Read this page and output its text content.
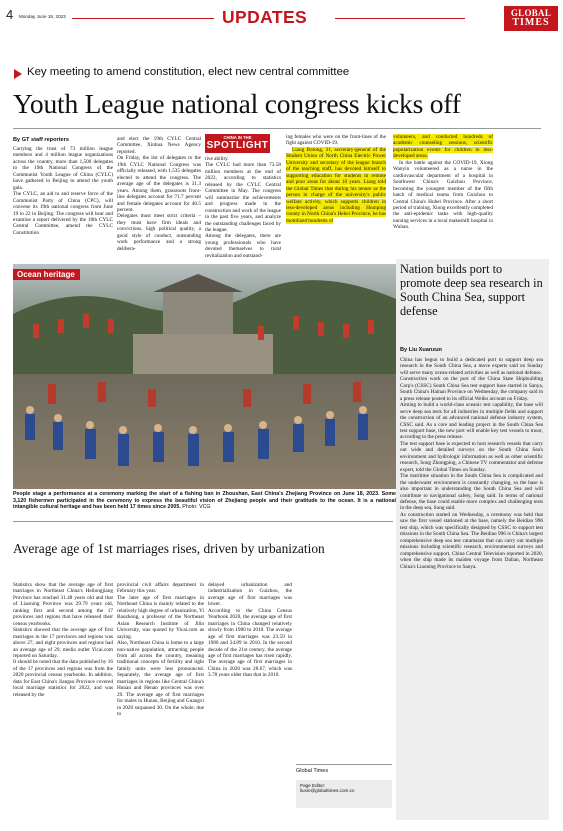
4 Monday June 19, 2023	UPDATES	GLOBAL
TIMES
Key meeting to amend constitution, elect new central committee
Youth League national congress kicks off
By GT staff reporters
Carrying the trust of 73 million league members and 4 million league organizations across the country, more than 1,500 delegates to the 19th National Congress of the Communist Youth League of China (CYLC) have gathered in Beijing to attend the youth gala.
The CYLC, an aid to and reserve force of the Communist Party of China (CPC), will convene its 19th national congress from June 19 to 22 in Beijing. The congress will hear and examine a report delivered by the 18th CYLC Central Committee, amend the CYLC Constitution
and elect the 19th CYLC Central Committee, Xinhua News Agency reported.
On Friday, the list of delegates to the 19th CYLC National Congress was officially released, with 1,535 delegates elected to attend the congress. The average age of the delegates is 31.3 years. Among them, grassroots front-line delegates account for 71.7 percent and female delegates account for 40.5 percent.
Delegates must meet strict criteria – they must have firm ideals and convictions, high political quality, a good style of conduct, outstanding work performance and a strong delibera-
CHINA IN THE
SPOTLIGHT
tive ability.
The CYLC had more than 73.58 million members at the end of 2022, according to statistics released by the CYLC Central Committee in May. The congress will summarize the achievements and progress made in the construction and work of the league in the past five years, and analyze the outstanding challenges faced by the league.
Among the delegates, there are young professionals who have devoted themselves to rural revitalization and outstand-
ing females who were on the front-lines of the fight against COVID-19.
Liang Botong, 31, secretary-general of the Student Union of North China Electric Power University and secretary of the league branch of the teaching staff, has devoted himself to supporting education for students in remote and poor areas for about 10 years. Liang told the Global Times that during his tenure as the person in charge of the university's public welfare activity, which supports children in less-developed areas including Shunping county in North China's Hebei Province, he has mobilized hundreds of
volunteers, and conducted hundreds of academic counseling sessions, scientific popularization events for children in less-developed areas.
In the battle against the COVID-19, Xiong Wanyin volunteered as a nurse in the cardiovascular department of a hospital in Southwest China's Guizhou Province, becoming the youngest member of the fifth batch of medical teams from Guizhou to Central China's Hubei Province. After a short period of training, Xiong excellently completed the anti-epidemic tasks with high-quality nursing services in a local makeshift hospital in Wuhan.
Ocean heritage
People stage a performance at a ceremony marking the start of a fishing ban in Zhoushan, East China's Zhejiang Province on June 18, 2023. Some 3,120 fishermen participated in the ceremony to express the beautiful vision of Zhejiang people and their gratitude to the ocean. It is a national intangible cultural heritage and has been held 17 times since 2005. Photo: VCG
Nation builds port to promote deep sea research in South China Sea, support defense
By Liu Xuanzun
China has begun to build a dedicated port to support deep sea research in the South China Sea, a move experts said on Sunday will serve many ocean-related activities as well as national defense.
Construction work on the port of the China State Shipbuilding Corp's (CSSC) South China Sea test support base started in Sanya, South China's Hainan Province on Wednesday, the company said in a press release posted to its official Weibo account on Friday.
Aiming to build a world-class oceanic test capability, the base will serve deep sea tests for all industries in multiple fields and support the construction of an advanced national defense industry system, CSSC said. As a core and leading project in the South China Sea test support base, the new port will enable key test vessels to moor, according to the press release.
The test support base is expected to host research vessels that carry out wide and detailed surveys on the South China Sea's environment and hydrologic information as well as other scientific research, Song Zhongping, a Chinese TV commentator and defense expert, told the Global Times on Sunday.
The maritime situation in the South China Sea is complicated and the underwater environment is constantly changing, so the base is also important in understanding the South China Sea and will contribute to navigational safety, Song said. In terms of national defense, the base could enable more complex and challenging tests in the deep sea, Song said.
As construction started on Wednesday, a ceremony was held that saw the first vessel stationed at the base, namely the Beidiao 996 test ship, which was specifically designed by CSSC to support test missions in the South China Sea. The Beidiao 996 is China's largest comprehensive deep sea test catamaran that can carry out multiple missions including scientific research, environmental surveys and comprehensive support, China Central Television reported in 2020, when the ship made its maiden voyage from Dalian, Northeast China's Liaoning Province to Sanya.
Average age of 1st marriages rises, driven by urbanization
Statistics show that the average age of first marriages in Northeast China's Heilongjiang Province has reached 31.48 years old and that of Liaoning Province was 29.79 years old, ranking first and second among the 17 provinces and regions that have released their census yearbooks.
Statistics showed that the average age of first marriages in the 17 provinces and regions was above 27, and eight provinces and regions had an average age of 29, media outlet Yicai.com reported on Saturday.
It should be noted that the data published by 16 of the 17 provinces and regions was from the 2020 provincial census yearbooks. In addition, data for East China's Jiangsu Province covered local marriage statistics for 2022, and was released by the
provincial civil affairs department in February this year.
The later age of first marriages in Northeast China is mainly related to the relatively high degree of urbanization, Yi Baozhong, a professor of the Northeast Asian Research Institute of Jilin University, was quoted by Yicai.com as saying.
Also, Northeast China is home to a large non-native population, attracting people from all across the country, meaning traditional concepts of fertility and tight family units were less pronounced. Separately, the average age of first marriages in regions like Central China's Hunan and Henan provinces was over 29. The average age of first marriages for males in Hunan, Beijing and Guangxi in 2020 surpassed 30. On the whole, due to
delayed urbanization and industrialization in Guizhou, the average age of first marriages was lower.
According to the China Census Yearbook 2020, the average age of first marriages in China changed relatively slowly from 1980 to 2010. The average age of first marriages was 23.59 in 1980 and 24.89 in 2010. In the second decade of the 21st century, the average age of first marriages has risen rapidly. The average age of first marriages in China in 2020 was 28.67, which was 3.78 years older than that in 2010.
Global Times
Page Editor:
liuxin@globaltimes.com.cn
